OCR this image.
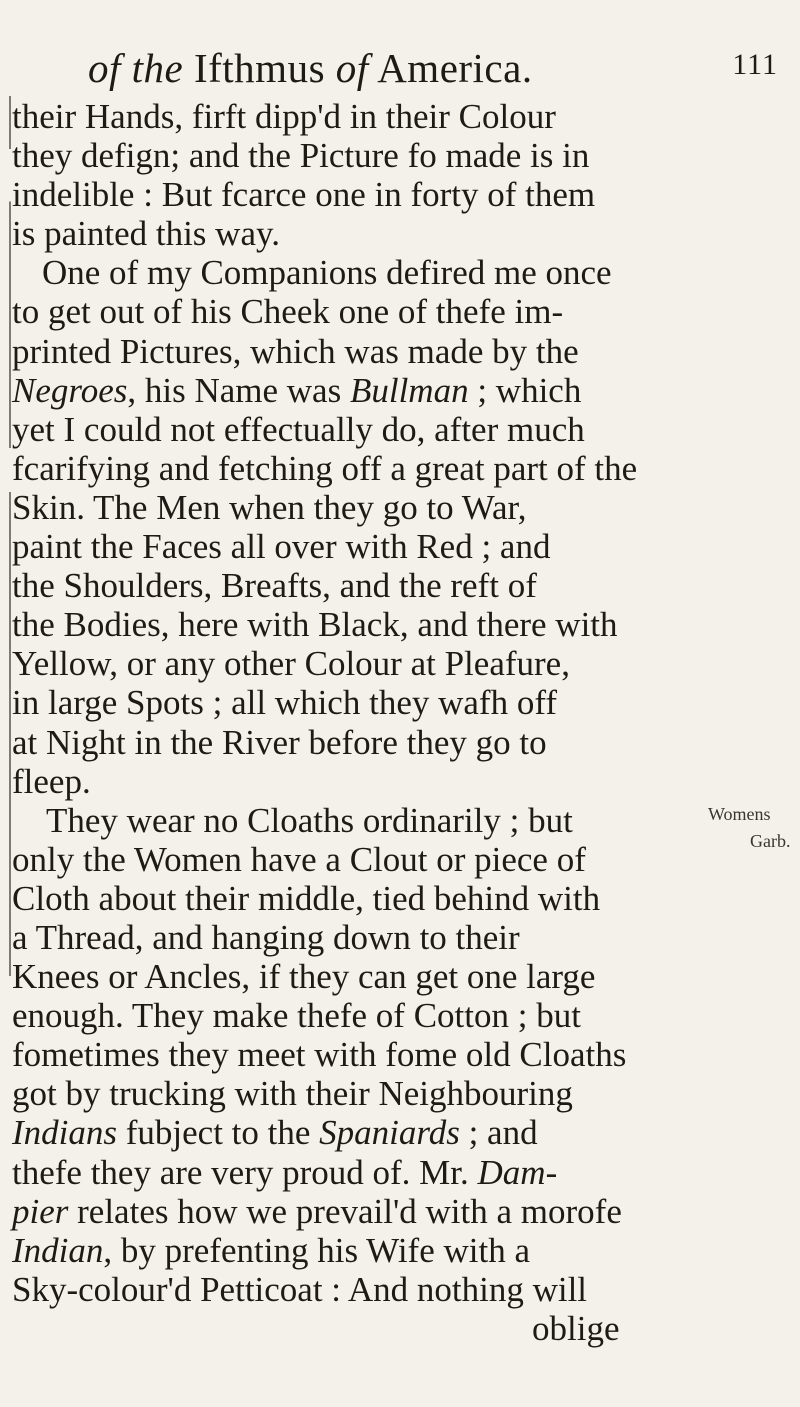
of the Ifthmus of America.	111
their Hands, firft dipp'd in their Colour
they defign; and the Picture fo made is in
indelible : But fcarce one in forty of them
is painted this way.
One of my Companions defired me once
to get out of his Cheek one of thefe im-
printed Pictures, which was made by the
Negroes, his Name was Bullman ; which
yet I could not effectually do, after much
fcarifying and fetching off a great part of the
Skin. The Men when they go to War,
paint the Faces all over with Red ; and
the Shoulders, Breafts, and the reft of
the Bodies, here with Black, and there with
Yellow, or any other Colour at Pleafure,
in large Spots ; all which they wafh off
at Night in the River before they go to
fleep.
They wear no Cloaths ordinarily ; but
only the Women have a Clout or piece of
Cloth about their middle, tied behind with
a Thread, and hanging down to their
Knees or Ancles, if they can get one large
enough. They make thefe of Cotton ; but
fometimes they meet with fome old Cloaths
got by trucking with their Neighbouring
Indians fubject to the Spaniards ; and
thefe they are very proud of. Mr. Dam-
pier relates how we prevail'd with a morofe
Indian, by prefenting his Wife with a
Sky-colour'd Petticoat : And nothing will
oblige
Womens
Garb.
